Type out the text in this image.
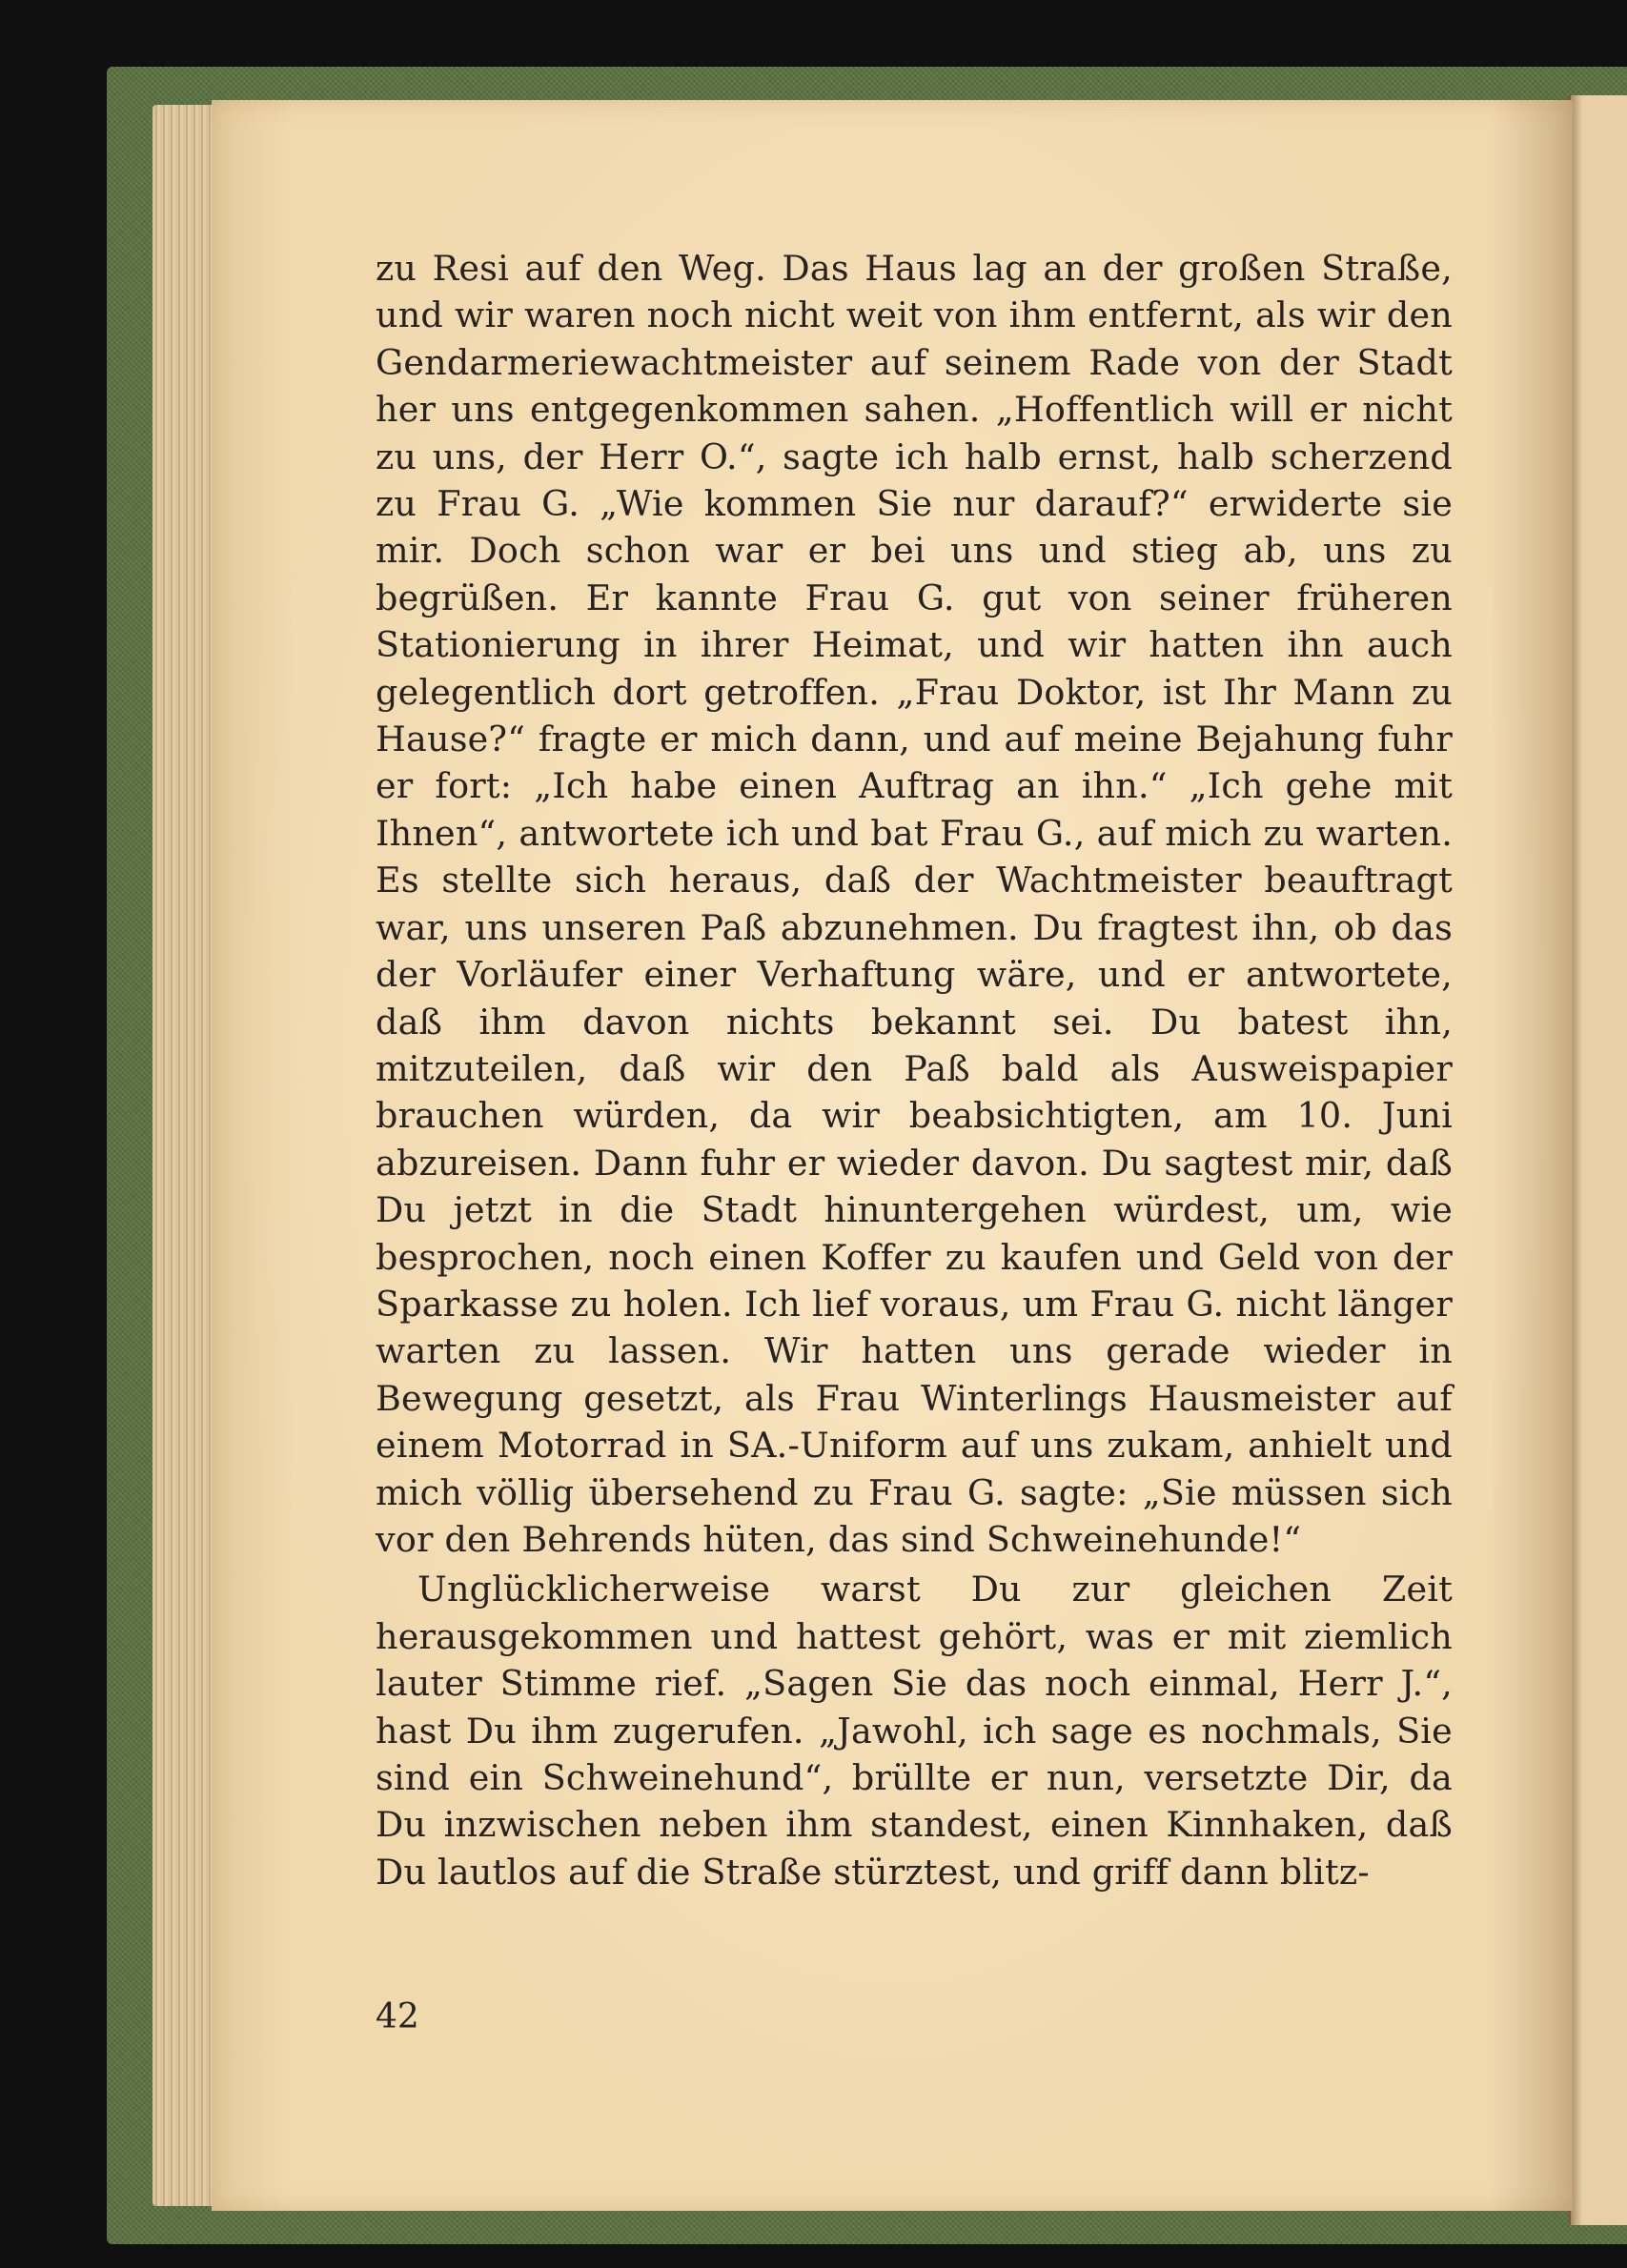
zu Resi auf den Weg. Das Haus lag an der großen Straße, und wir waren noch nicht weit von ihm entfernt, als wir den Gendarmeriewachtmeister auf seinem Rade von der Stadt her uns entgegenkommen sahen. „Hoffentlich will er nicht zu uns, der Herr O.“, sagte ich halb ernst, halb scherzend zu Frau G. „Wie kommen Sie nur darauf?“ erwiderte sie mir. Doch schon war er bei uns und stieg ab, uns zu begrüßen. Er kannte Frau G. gut von seiner früheren Stationierung in ihrer Heimat, und wir hatten ihn auch gelegentlich dort getroffen. „Frau Doktor, ist Ihr Mann zu Hause?“ fragte er mich dann, und auf meine Bejahung fuhr er fort: „Ich habe einen Auftrag an ihn.“ „Ich gehe mit Ihnen“, antwortete ich und bat Frau G., auf mich zu warten. Es stellte sich heraus, daß der Wachtmeister beauftragt war, uns unseren Paß abzunehmen. Du fragtest ihn, ob das der Vorläufer einer Verhaftung wäre, und er antwortete, daß ihm davon nichts bekannt sei. Du batest ihn, mitzuteilen, daß wir den Paß bald als Ausweispapier brauchen würden, da wir beabsichtigten, am 10. Juni abzureisen. Dann fuhr er wieder davon. Du sagtest mir, daß Du jetzt in die Stadt hinuntergehen würdest, um, wie besprochen, noch einen Koffer zu kaufen und Geld von der Sparkasse zu holen. Ich lief voraus, um Frau G. nicht länger warten zu lassen. Wir hatten uns gerade wieder in Bewegung gesetzt, als Frau Winterlings Hausmeister auf einem Motorrad in SA.-Uniform auf uns zukam, anhielt und mich völlig übersehend zu Frau G. sagte: „Sie müssen sich vor den Behrends hüten, das sind Schweinehunde!“

Unglücklicherweise warst Du zur gleichen Zeit herausgekommen und hattest gehört, was er mit ziemlich lauter Stimme rief. „Sagen Sie das noch einmal, Herr J.“, hast Du ihm zugerufen. „Jawohl, ich sage es nochmals, Sie sind ein Schweinehund“, brüllte er nun, versetzte Dir, da Du inzwischen neben ihm standest, einen Kinnhaken, daß Du lautlos auf die Straße stürztest, und griff dann blitz-

42
